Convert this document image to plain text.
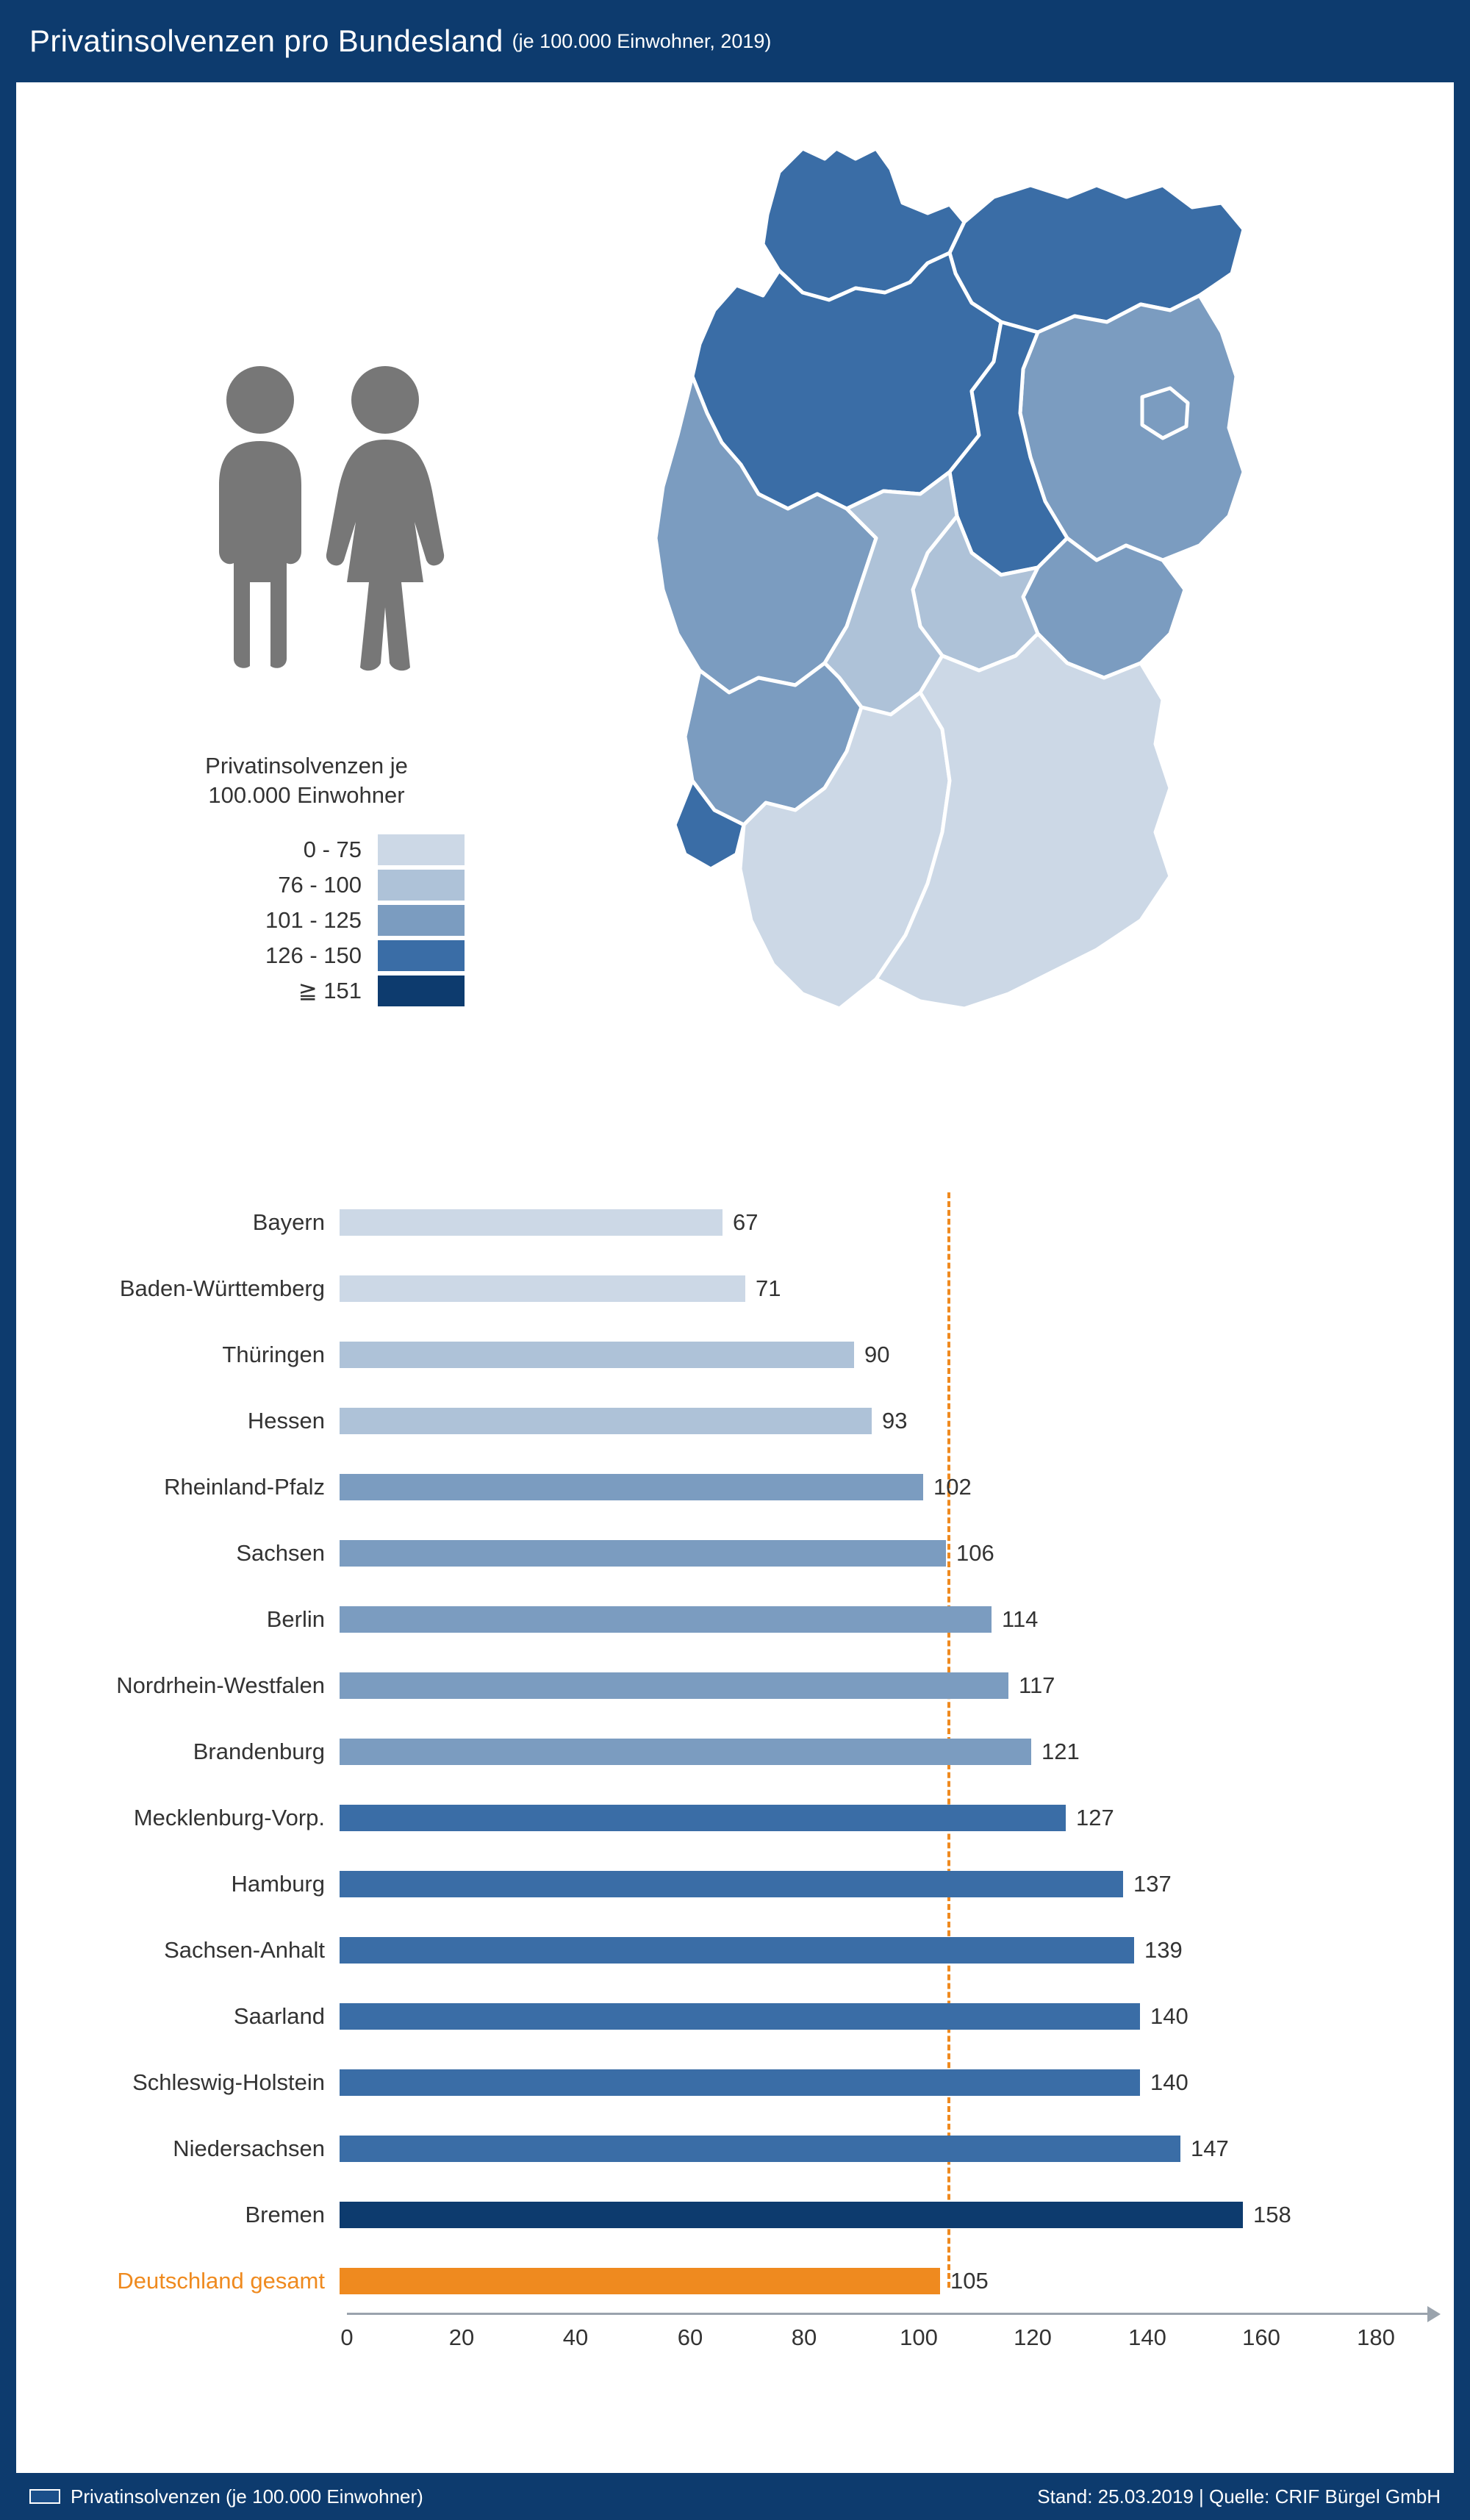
Privatinsolvenzen pro Bundesland (je 100.000 Einwohner, 2019)
Privatinsolvenzen je
100.000 Einwohner
0 - 75
76 - 100
101 - 125
126 - 150
≧ 151
Bayern	67
Baden-Württemberg	71
Thüringen	90
Hessen	93
Rheinland-Pfalz	102
Sachsen	106
Berlin	114
Nordrhein-Westfalen	117
Brandenburg	121
Mecklenburg-Vorp.	127
Hamburg	137
Sachsen-Anhalt	139
Saarland	140
Schleswig-Holstein	140
Niedersachsen	147
Bremen	158
Deutschland gesamt	105
0	20	40	60	80	100	120	140	160	180
Privatinsolvenzen (je 100.000 Einwohner)	Stand: 25.03.2019 | Quelle: CRIF Bürgel GmbH
